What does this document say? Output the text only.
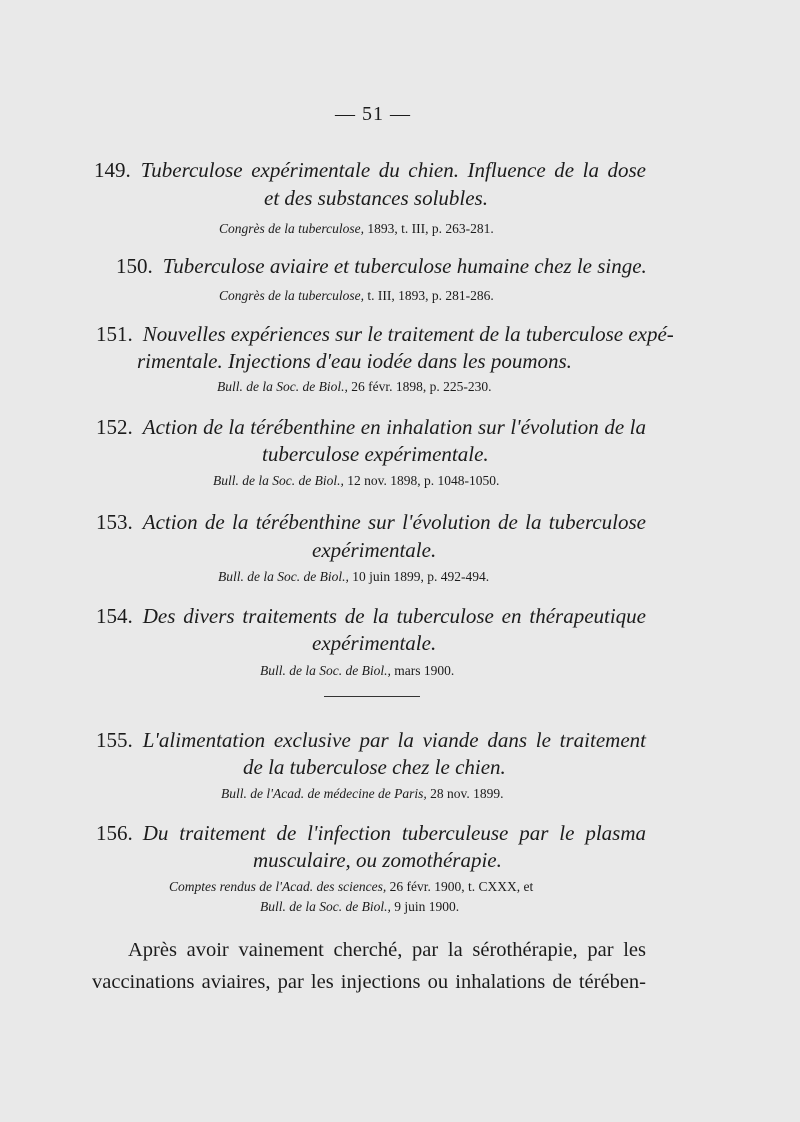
— 51 —
149. Tuberculose expérimentale du chien. Influence de la dose
et des substances solubles.
Congrès de la tuberculose, 1893, t. III, p. 263-281.
150. Tuberculose aviaire et tuberculose humaine chez le singe.
Congrès de la tuberculose, t. III, 1893, p. 281-286.
151. Nouvelles expériences sur le traitement de la tuberculose expé-
rimentale. Injections d'eau iodée dans les poumons.
Bull. de la Soc. de Biol., 26 févr. 1898, p. 225-230.
152. Action de la térébenthine en inhalation sur l'évolution de la
tuberculose expérimentale.
Bull. de la Soc. de Biol., 12 nov. 1898, p. 1048-1050.
153. Action de la térébenthine sur l'évolution de la tuberculose
expérimentale.
Bull. de la Soc. de Biol., 10 juin 1899, p. 492-494.
154. Des divers traitements de la tuberculose en thérapeutique
expérimentale.
Bull. de la Soc. de Biol., mars 1900.
155. L'alimentation exclusive par la viande dans le traitement
de la tuberculose chez le chien.
Bull. de l'Acad. de médecine de Paris, 28 nov. 1899.
156. Du traitement de l'infection tuberculeuse par le plasma
musculaire, ou zomothérapie.
Comptes rendus de l'Acad. des sciences, 26 févr. 1900, t. CXXX, et
Bull. de la Soc. de Biol., 9 juin 1900.
Après avoir vainement cherché, par la sérothérapie, par les
vaccinations aviaires, par les injections ou inhalations de térében-
